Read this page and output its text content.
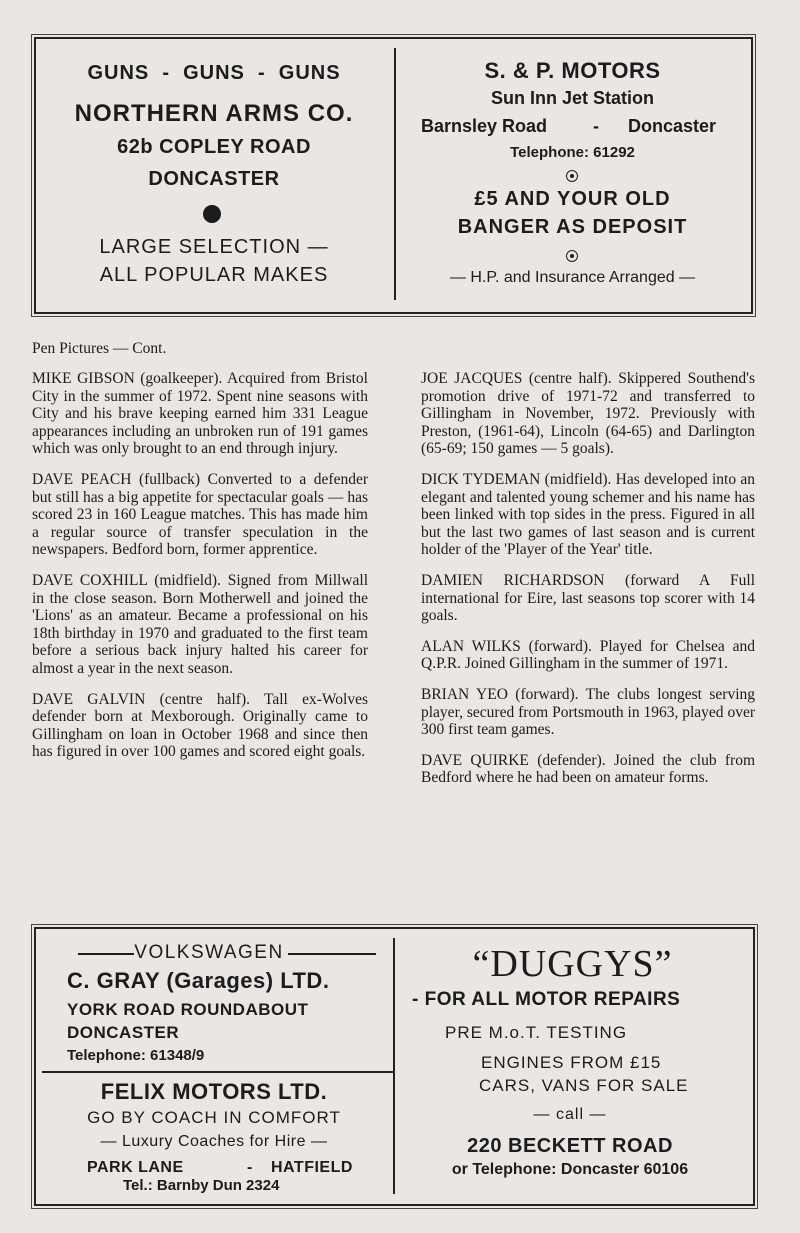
GUNS  -  GUNS  -  GUNS
NORTHERN ARMS CO.
62b COPLEY ROAD
DONCASTER
LARGE SELECTION —
ALL POPULAR MAKES
S. & P. MOTORS
Sun Inn Jet Station
Barnsley Road	- Doncaster
Telephone: 61292
£5 AND YOUR OLD
BANGER AS DEPOSIT
— H.P. and Insurance Arranged —
Pen Pictures — Cont.

MIKE GIBSON (goalkeeper). Acquired from Bristol City in the summer of 1972. Spent nine seasons with City and his brave keeping earned him 331 League appearances including an unbroken run of 191 games which was only brought to an end through injury.

DAVE PEACH (fullback) Converted to a defender but still has a big appetite for spectacular goals — has scored 23 in 160 League matches. This has made him a regular source of transfer speculation in the newspapers. Bedford born, former apprentice.

DAVE COXHILL (midfield). Signed from Millwall in the close season. Born Motherwell and joined the 'Lions' as an amateur. Became a professional on his 18th birthday in 1970 and graduated to the first team before a serious back injury halted his career for almost a year in the next season.

DAVE GALVIN (centre half). Tall ex-Wolves defender born at Mexborough. Originally came to Gillingham on loan in October 1968 and since then has figured in over 100 games and scored eight goals.

JOE JACQUES (centre half). Skippered Southend's promotion drive of 1971-72 and transferred to Gillingham in November, 1972. Previously with Preston, (1961-64), Lincoln (64-65) and Darlington (65-69; 150 games — 5 goals).

DICK TYDEMAN (midfield). Has developed into an elegant and talented young schemer and his name has been linked with top sides in the press. Figured in all but the last two games of last season and is current holder of the 'Player of the Year' title.

DAMIEN RICHARDSON (forward A Full international for Eire, last seasons top scorer with 14 goals.

ALAN WILKS (forward). Played for Chelsea and Q.P.R. Joined Gillingham in the summer of 1971.

BRIAN YEO (forward). The clubs longest serving player, secured from Portsmouth in 1963, played over 300 first team games.

DAVE QUIRKE (defender). Joined the club from Bedford where he had been on amateur forms.

VOLKSWAGEN
C. GRAY (Garages) LTD.
YORK ROAD ROUNDABOUT
DONCASTER
Telephone: 61348/9
FELIX MOTORS LTD.
GO BY COACH IN COMFORT
— Luxury Coaches for Hire —
PARK LANE	- HATFIELD
Tel.: Barnby Dun 2324
“DUGGYS”
- FOR ALL MOTOR REPAIRS
PRE M.o.T. TESTING
ENGINES FROM £15
CARS, VANS FOR SALE
— call —
220 BECKETT ROAD
or Telephone: Doncaster 60106
